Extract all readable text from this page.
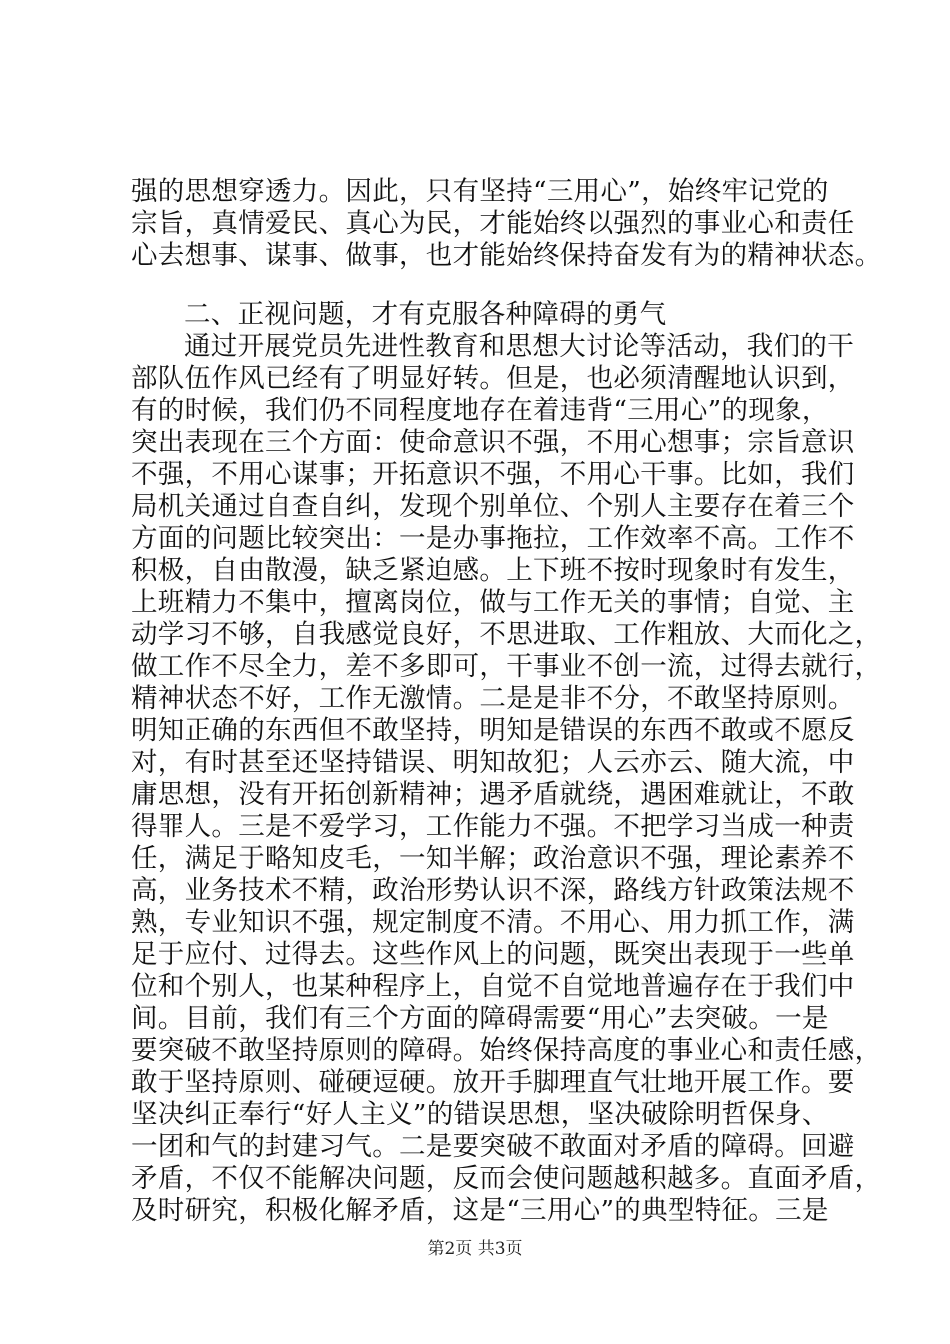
强的思想穿透力。因此，只有坚持“三用心”，始终牢记党的
宗旨，真情爱民、真心为民，才能始终以强烈的事业心和责任
心去想事、谋事、做事，也才能始终保持奋发有为的精神状态。
二、正视问题，才有克服各种障碍的勇气
通过开展党员先进性教育和思想大讨论等活动，我们的干
部队伍作风已经有了明显好转。但是，也必须清醒地认识到，
有的时候，我们仍不同程度地存在着违背“三用心”的现象，
突出表现在三个方面：使命意识不强，不用心想事；宗旨意识
不强，不用心谋事；开拓意识不强，不用心干事。比如，我们
局机关通过自查自纠，发现个别单位、个别人主要存在着三个
方面的问题比较突出：一是办事拖拉，工作效率不高。工作不
积极，自由散漫，缺乏紧迫感。上下班不按时现象时有发生，
上班精力不集中，擅离岗位，做与工作无关的事情；自觉、主
动学习不够，自我感觉良好，不思进取、工作粗放、大而化之，
做工作不尽全力，差不多即可，干事业不创一流，过得去就行，
精神状态不好，工作无激情。二是是非不分，不敢坚持原则。
明知正确的东西但不敢坚持，明知是错误的东西不敢或不愿反
对，有时甚至还坚持错误、明知故犯；人云亦云、随大流，中
庸思想，没有开拓创新精神；遇矛盾就绕，遇困难就让，不敢
得罪人。三是不爱学习，工作能力不强。不把学习当成一种责
任，满足于略知皮毛，一知半解；政治意识不强，理论素养不
高，业务技术不精，政治形势认识不深，路线方针政策法规不
熟，专业知识不强，规定制度不清。不用心、用力抓工作，满
足于应付、过得去。这些作风上的问题，既突出表现于一些单
位和个别人，也某种程序上，自觉不自觉地普遍存在于我们中
间。目前，我们有三个方面的障碍需要“用心”去突破。一是
要突破不敢坚持原则的障碍。始终保持高度的事业心和责任感，
敢于坚持原则、碰硬逗硬。放开手脚理直气壮地开展工作。要
坚决纠正奉行“好人主义”的错误思想，坚决破除明哲保身、
一团和气的封建习气。二是要突破不敢面对矛盾的障碍。回避
矛盾，不仅不能解决问题，反而会使问题越积越多。直面矛盾，
及时研究，积极化解矛盾，这是“三用心”的典型特征。三是
第2页 共3页
